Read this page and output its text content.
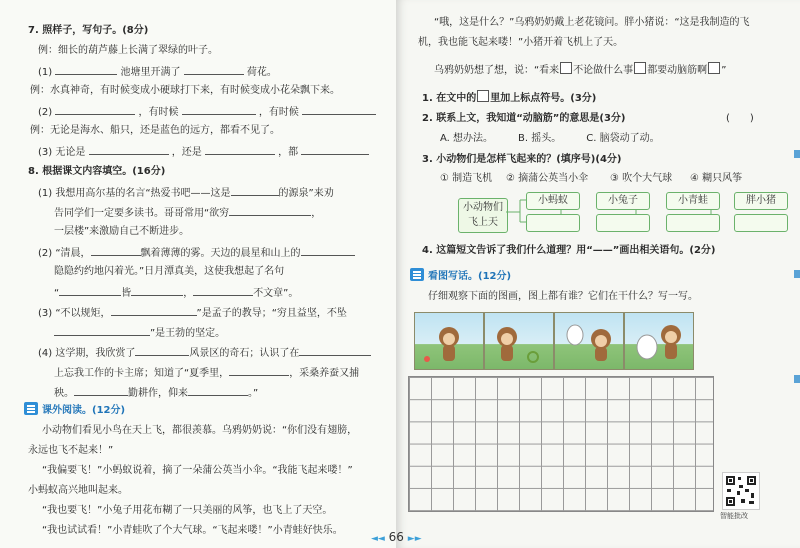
7. 照样子，写句子。(8分)
例：细长的葫芦藤上长满了翠绿的叶子。
(1)	池塘里开满了	荷花。
例：水真神奇，有时候变成小硬球打下来，有时候变成小花朵飘下来。
(2)	，有时候	，有时候
例：无论是海水、船只，还是蓝色的远方，都看不见了。
(3) 无论是	，还是	，都
8. 根据课文内容填空。(16分)
(1) 我想用高尔基的名言“热爱书吧——这是	的源泉”来劝
告同学们一定要多读书。哥哥常用“欲穷	，
一层楼”来激励自己不断进步。
(2) “清晨，	飘着薄薄的雾。天边的晨星和山上的
隐隐约约地闪着光。”日月潭真美，这使我想起了名句
“	皆	，	不文章”。
(3) “不以规矩，	”是孟子的教导；“穷且益坚，不坠
”是王勃的坚定。
(4) 这学期，我欣赏了	风景区的奇石；认识了在
上忘我工作的卡主席；知道了“夏季里，	，采桑养蚕又捕
秧。	勤耕作，仰来	。”
课外阅读。(12分)
小动物们看见小鸟在天上飞，都很羡慕。乌鸦奶奶说：“你们没有翅膀，
永远也飞不起来！”
“我偏要飞！”小蚂蚁说着，摘了一朵蒲公英当小伞。“我能飞起来喽！”
小蚂蚁高兴地叫起来。
“我也要飞！”小兔子用花布糊了一只美丽的风筝，也飞上了天空。
“我也试试看！”小青蛙吹了个大气球。“飞起来喽！”小青蛙好快乐。
“哦，这是什么？”乌鸦奶奶戴上老花镜问。胖小猪说：“这是我制造的飞
机，我也能飞起来喽！”小猪开着飞机上了天。
乌鸦奶奶想了想，说：“看来 不论做什么事 都要动脑筋啊 ”
1. 在文中的 里加上标点符号。(3分)
2. 联系上文，我知道“动脑筋”的意思是(3分)	(　　)
A. 想办法。　　　B. 摇头。　　　C. 脑袋动了动。
3. 小动物们是怎样飞起来的？(填序号)(4分)
① 制造飞机 ② 摘蒲公英当小伞 ③ 吹个大气球 ④ 糊只风筝
小动物们飞上天
小蚂蚁	小兔子	小青蛙	胖小猪
4. 这篇短文告诉了我们什么道理？用“——”画出相关语句。(2分)
看图写话。(12分)
仔细观察下面的图画，图上都有谁？它们在干什么？写一写。
智能批改
◄◄ 66 ►►
